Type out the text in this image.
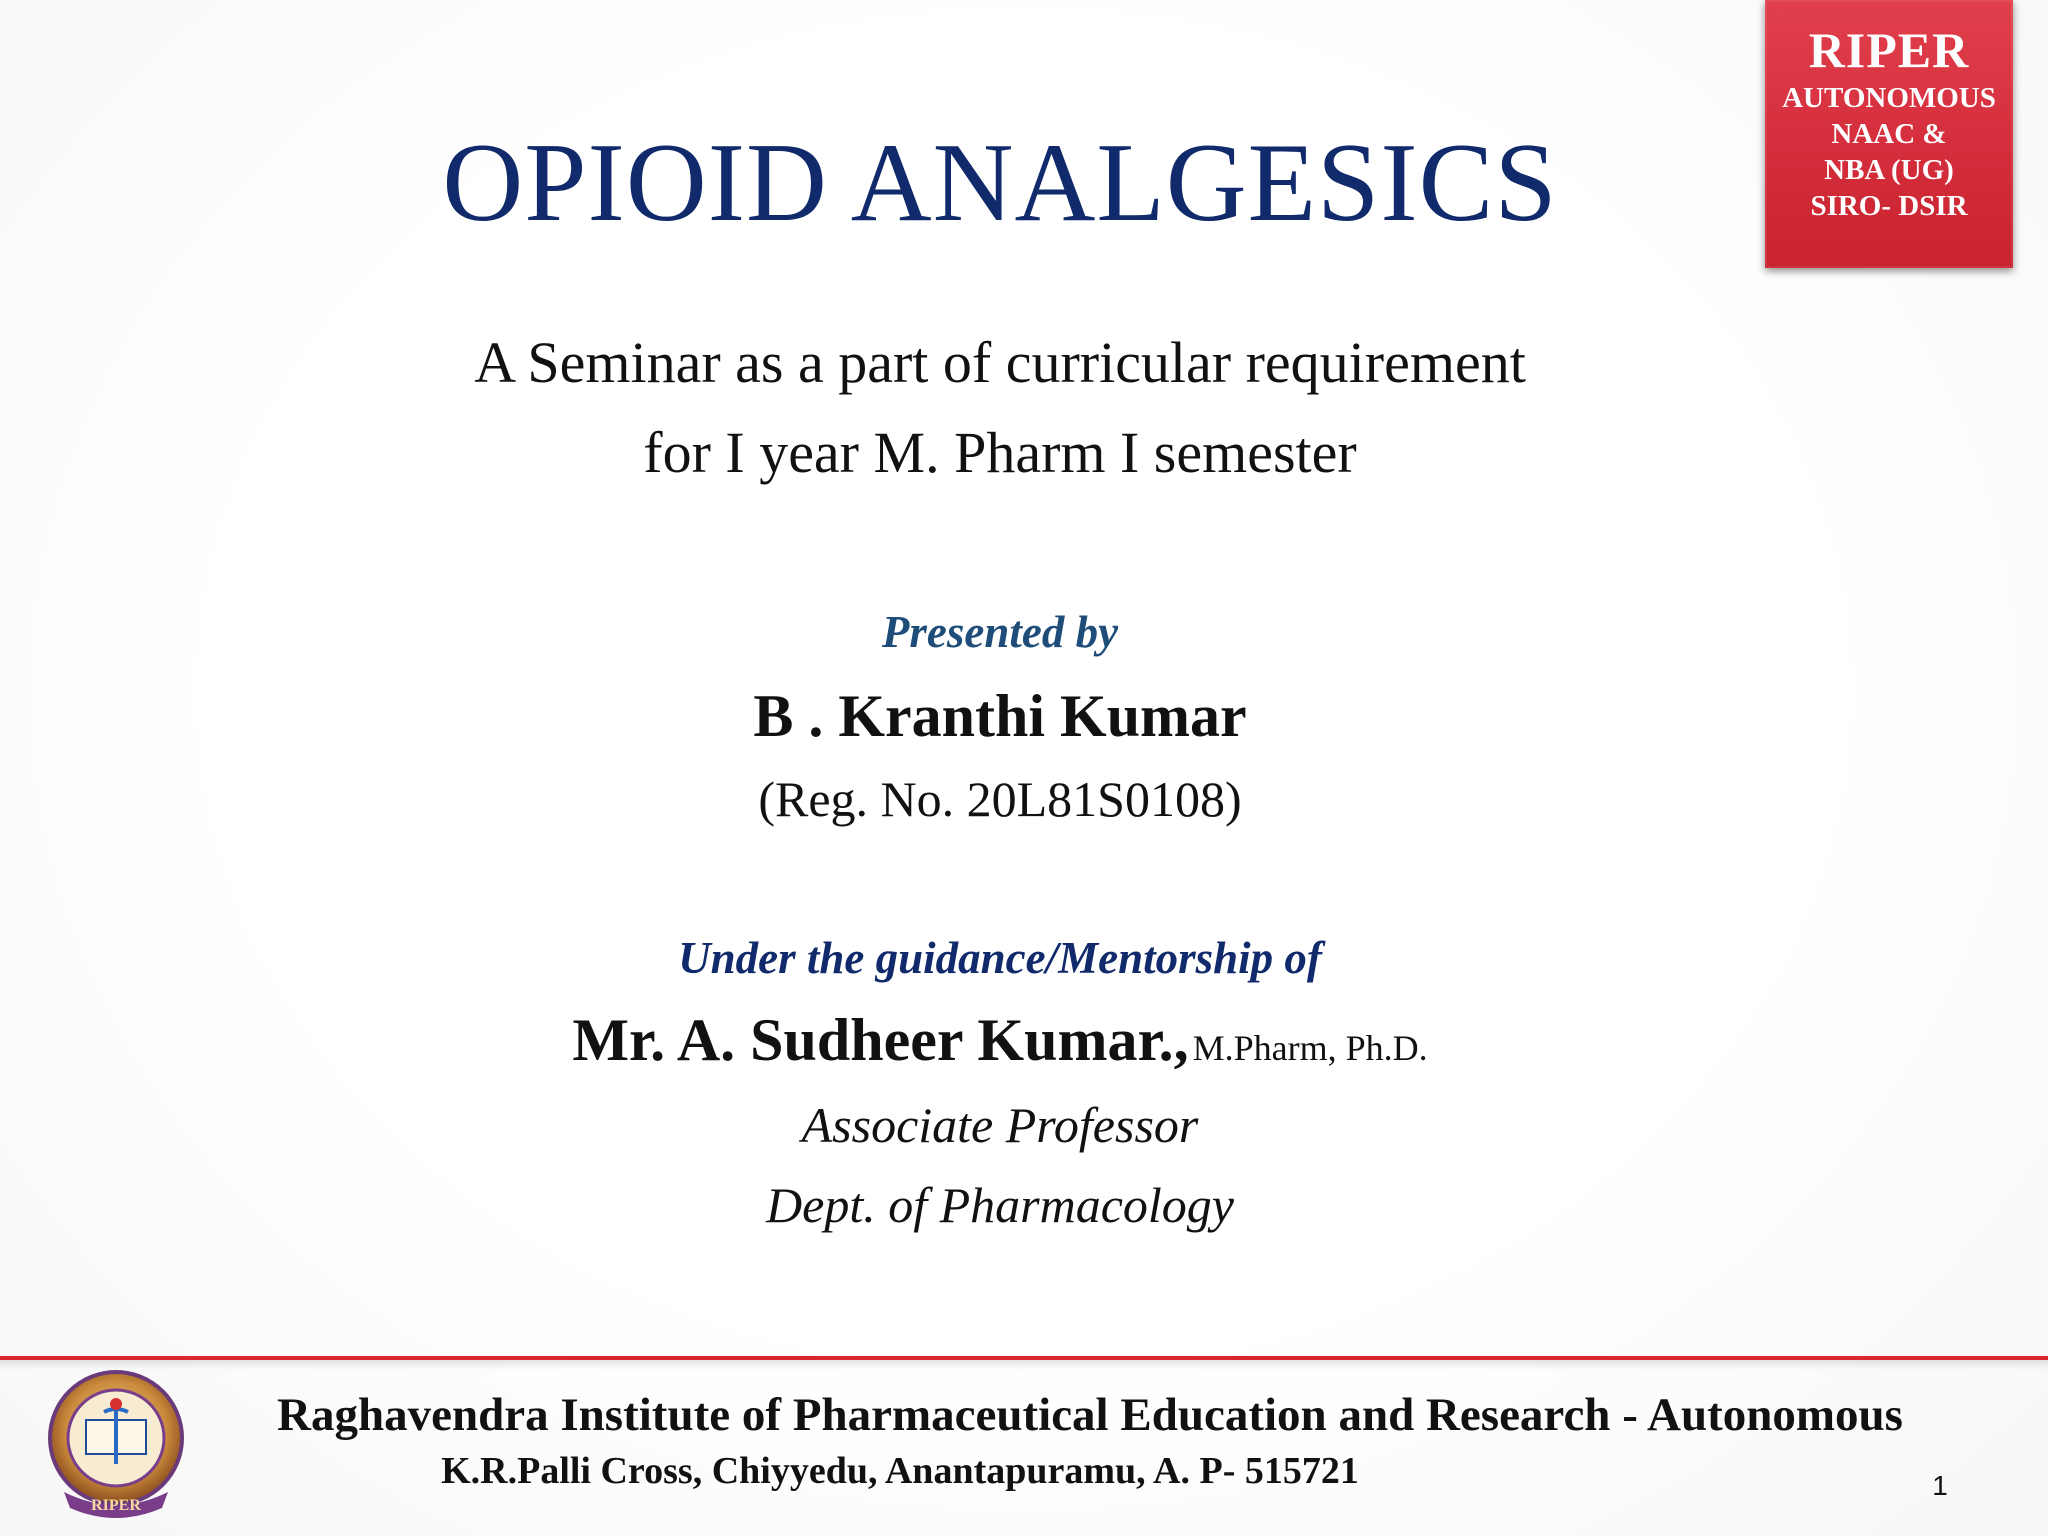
RIPER
AUTONOMOUS
NAAC &
NBA (UG)
SIRO- DSIR
OPIOID ANALGESICS
A Seminar as a part of curricular requirement
for I year M. Pharm I semester
Presented by
B . Kranthi Kumar
(Reg. No. 20L81S0108)
Under the guidance/Mentorship of
Mr. A. Sudheer Kumar., M.Pharm, Ph.D.
Associate Professor
Dept. of Pharmacology
RIPER
Raghavendra Institute of Pharmaceutical Education and Research - Autonomous
K.R.Palli Cross, Chiyyedu, Anantapuramu, A. P- 515721	1
